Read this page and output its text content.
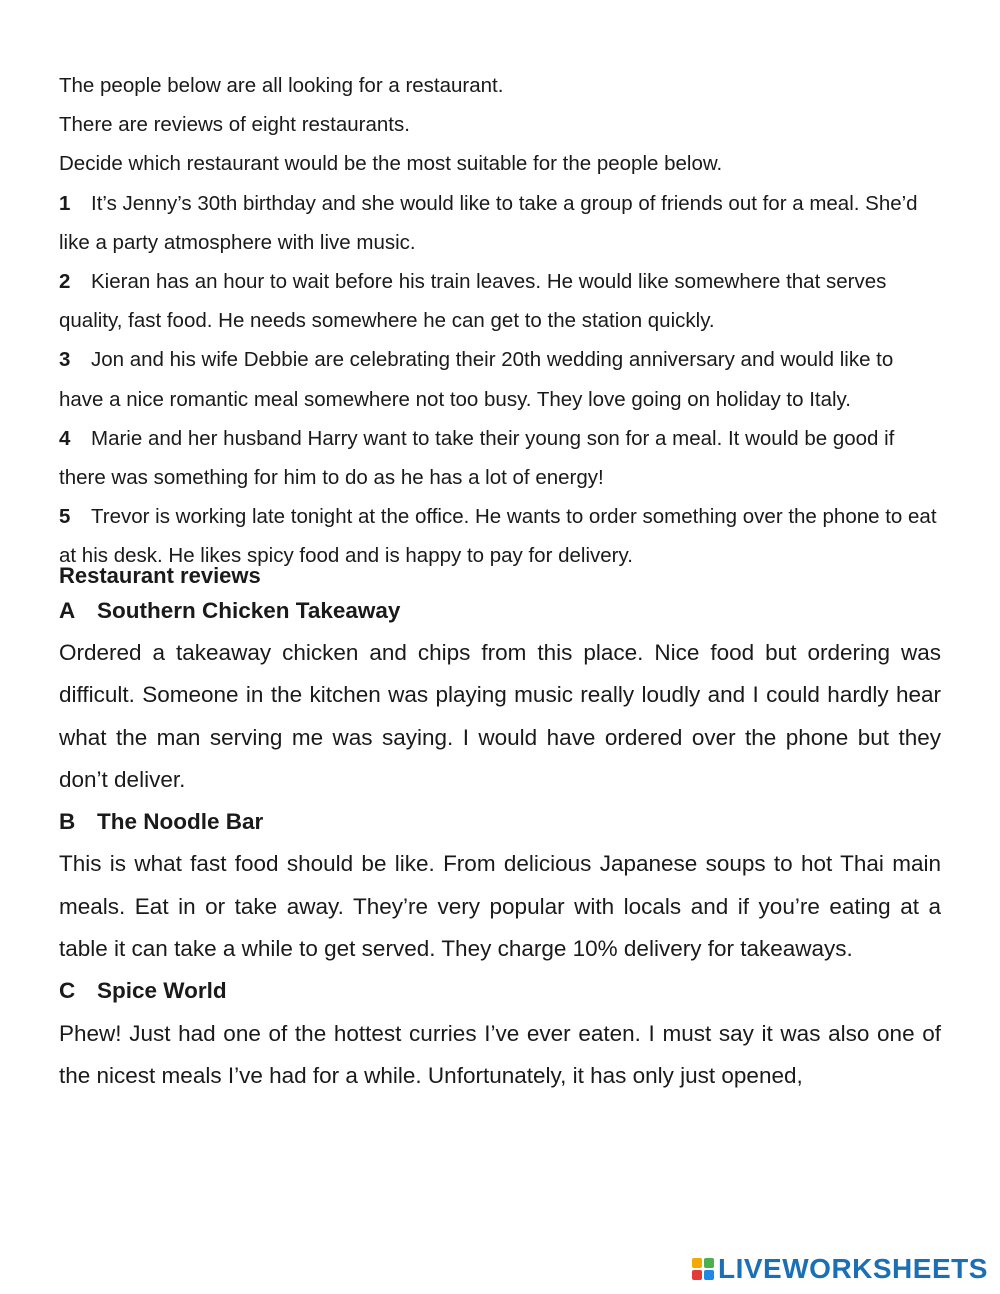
The people below are all looking for a restaurant.

There are reviews of eight restaurants.

Decide which restaurant would be the most suitable for the people below.

1 It’s Jenny’s 30th birthday and she would like to take a group of friends out for a meal. She’d like a party atmosphere with live music.

2 Kieran has an hour to wait before his train leaves. He would like somewhere that serves quality, fast food. He needs somewhere he can get to the station quickly.

3 Jon and his wife Debbie are celebrating their 20th wedding anniversary and would like to have a nice romantic meal somewhere not too busy. They love going on holiday to Italy.

4 Marie and her husband Harry want to take their young son for a meal. It would be good if there was something for him to do as he has a lot of energy!

5 Trevor is working late tonight at the office. He wants to order something over the phone to eat at his desk. He likes spicy food and is happy to pay for delivery.

Restaurant reviews

A Southern Chicken Takeaway

Ordered a takeaway chicken and chips from this place. Nice food but ordering was difficult. Someone in the kitchen was playing music really loudly and I could hardly hear what the man serving me was saying. I would have ordered over the phone but they don’t deliver.

B The Noodle Bar

This is what fast food should be like. From delicious Japanese soups to hot Thai main meals. Eat in or take away. They’re very popular with locals and if you’re eating at a table it can take a while to get served. They charge 10% delivery for takeaways.

C Spice World

Phew! Just had one of the hottest curries I’ve ever eaten. I must say it was also one of the nicest meals I’ve had for a while. Unfortunately, it has only just opened,

LIVEWORKSHEETS
